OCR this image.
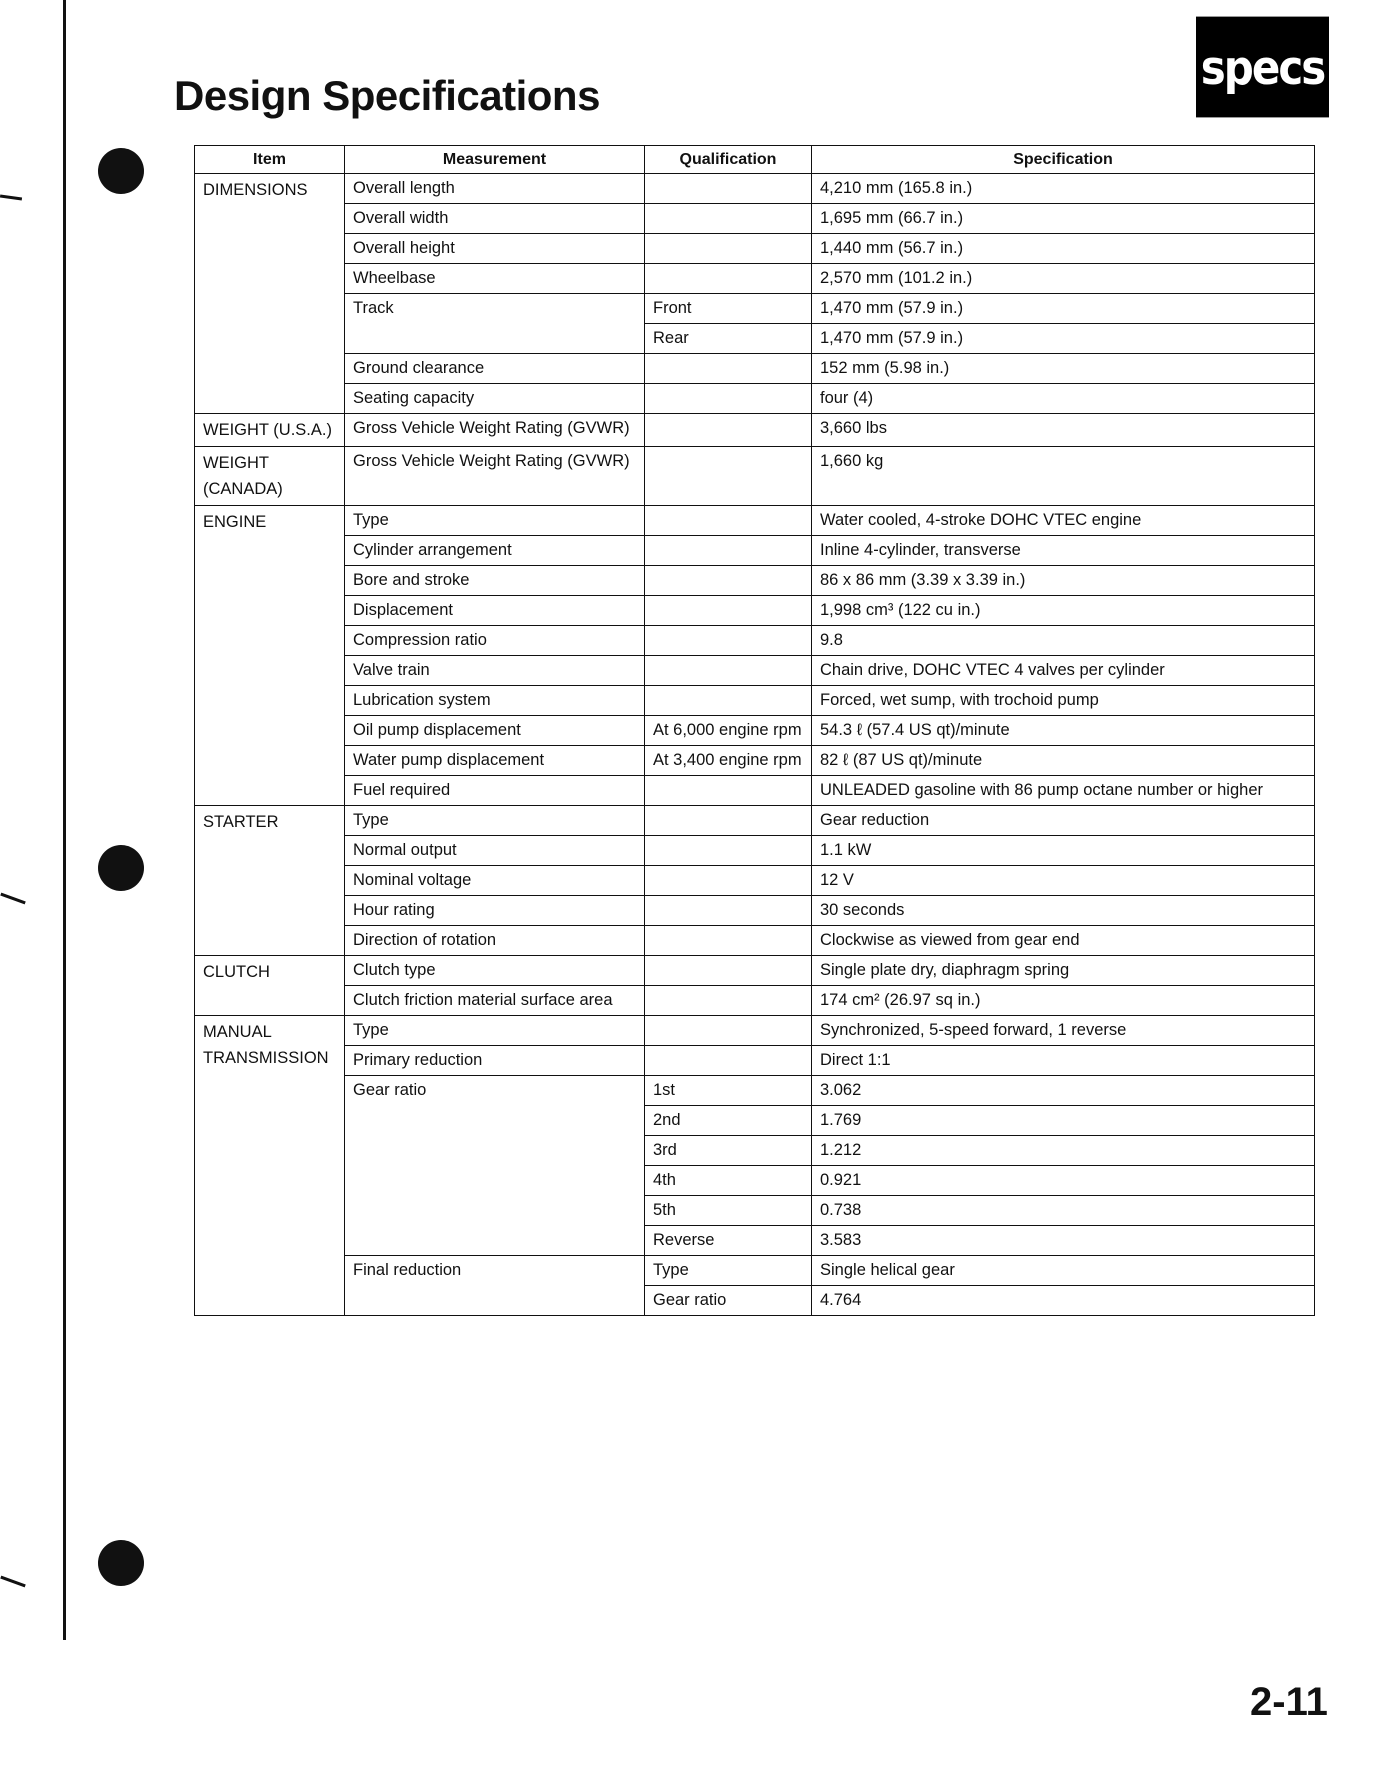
Design Specifications
specs
Item	Measurement	Qualification	Specification
DIMENSIONS	Overall length		4,210 mm (165.8 in.)
	Overall width		1,695 mm (66.7 in.)
	Overall height		1,440 mm (56.7 in.)
	Wheelbase		2,570 mm (101.2 in.)
	Track	Front	1,470 mm (57.9 in.)
		Rear	1,470 mm (57.9 in.)
	Ground clearance		152 mm (5.98 in.)
	Seating capacity		four (4)
WEIGHT (U.S.A.)	Gross Vehicle Weight Rating (GVWR)		3,660 lbs
WEIGHT (CANADA)	Gross Vehicle Weight Rating (GVWR)		1,660 kg
ENGINE	Type		Water cooled, 4-stroke DOHC VTEC engine
	Cylinder arrangement		Inline 4-cylinder, transverse
	Bore and stroke		86 x 86 mm (3.39 x 3.39 in.)
	Displacement		1,998 cm³ (122 cu in.)
	Compression ratio		9.8
	Valve train		Chain drive, DOHC VTEC 4 valves per cylinder
	Lubrication system		Forced, wet sump, with trochoid pump
	Oil pump displacement	At 6,000 engine rpm	54.3 ℓ (57.4 US qt)/minute
	Water pump displacement	At 3,400 engine rpm	82 ℓ (87 US qt)/minute
	Fuel required		UNLEADED gasoline with 86 pump octane number or higher
STARTER	Type		Gear reduction
	Normal output		1.1 kW
	Nominal voltage		12 V
	Hour rating		30 seconds
	Direction of rotation		Clockwise as viewed from gear end
CLUTCH	Clutch type		Single plate dry, diaphragm spring
	Clutch friction material surface area		174 cm² (26.97 sq in.)
MANUAL TRANSMISSION	Type		Synchronized, 5-speed forward, 1 reverse
	Primary reduction		Direct 1:1
	Gear ratio	1st	3.062
		2nd	1.769
		3rd	1.212
		4th	0.921
		5th	0.738
		Reverse	3.583
	Final reduction	Type	Single helical gear
		Gear ratio	4.764
2-11
